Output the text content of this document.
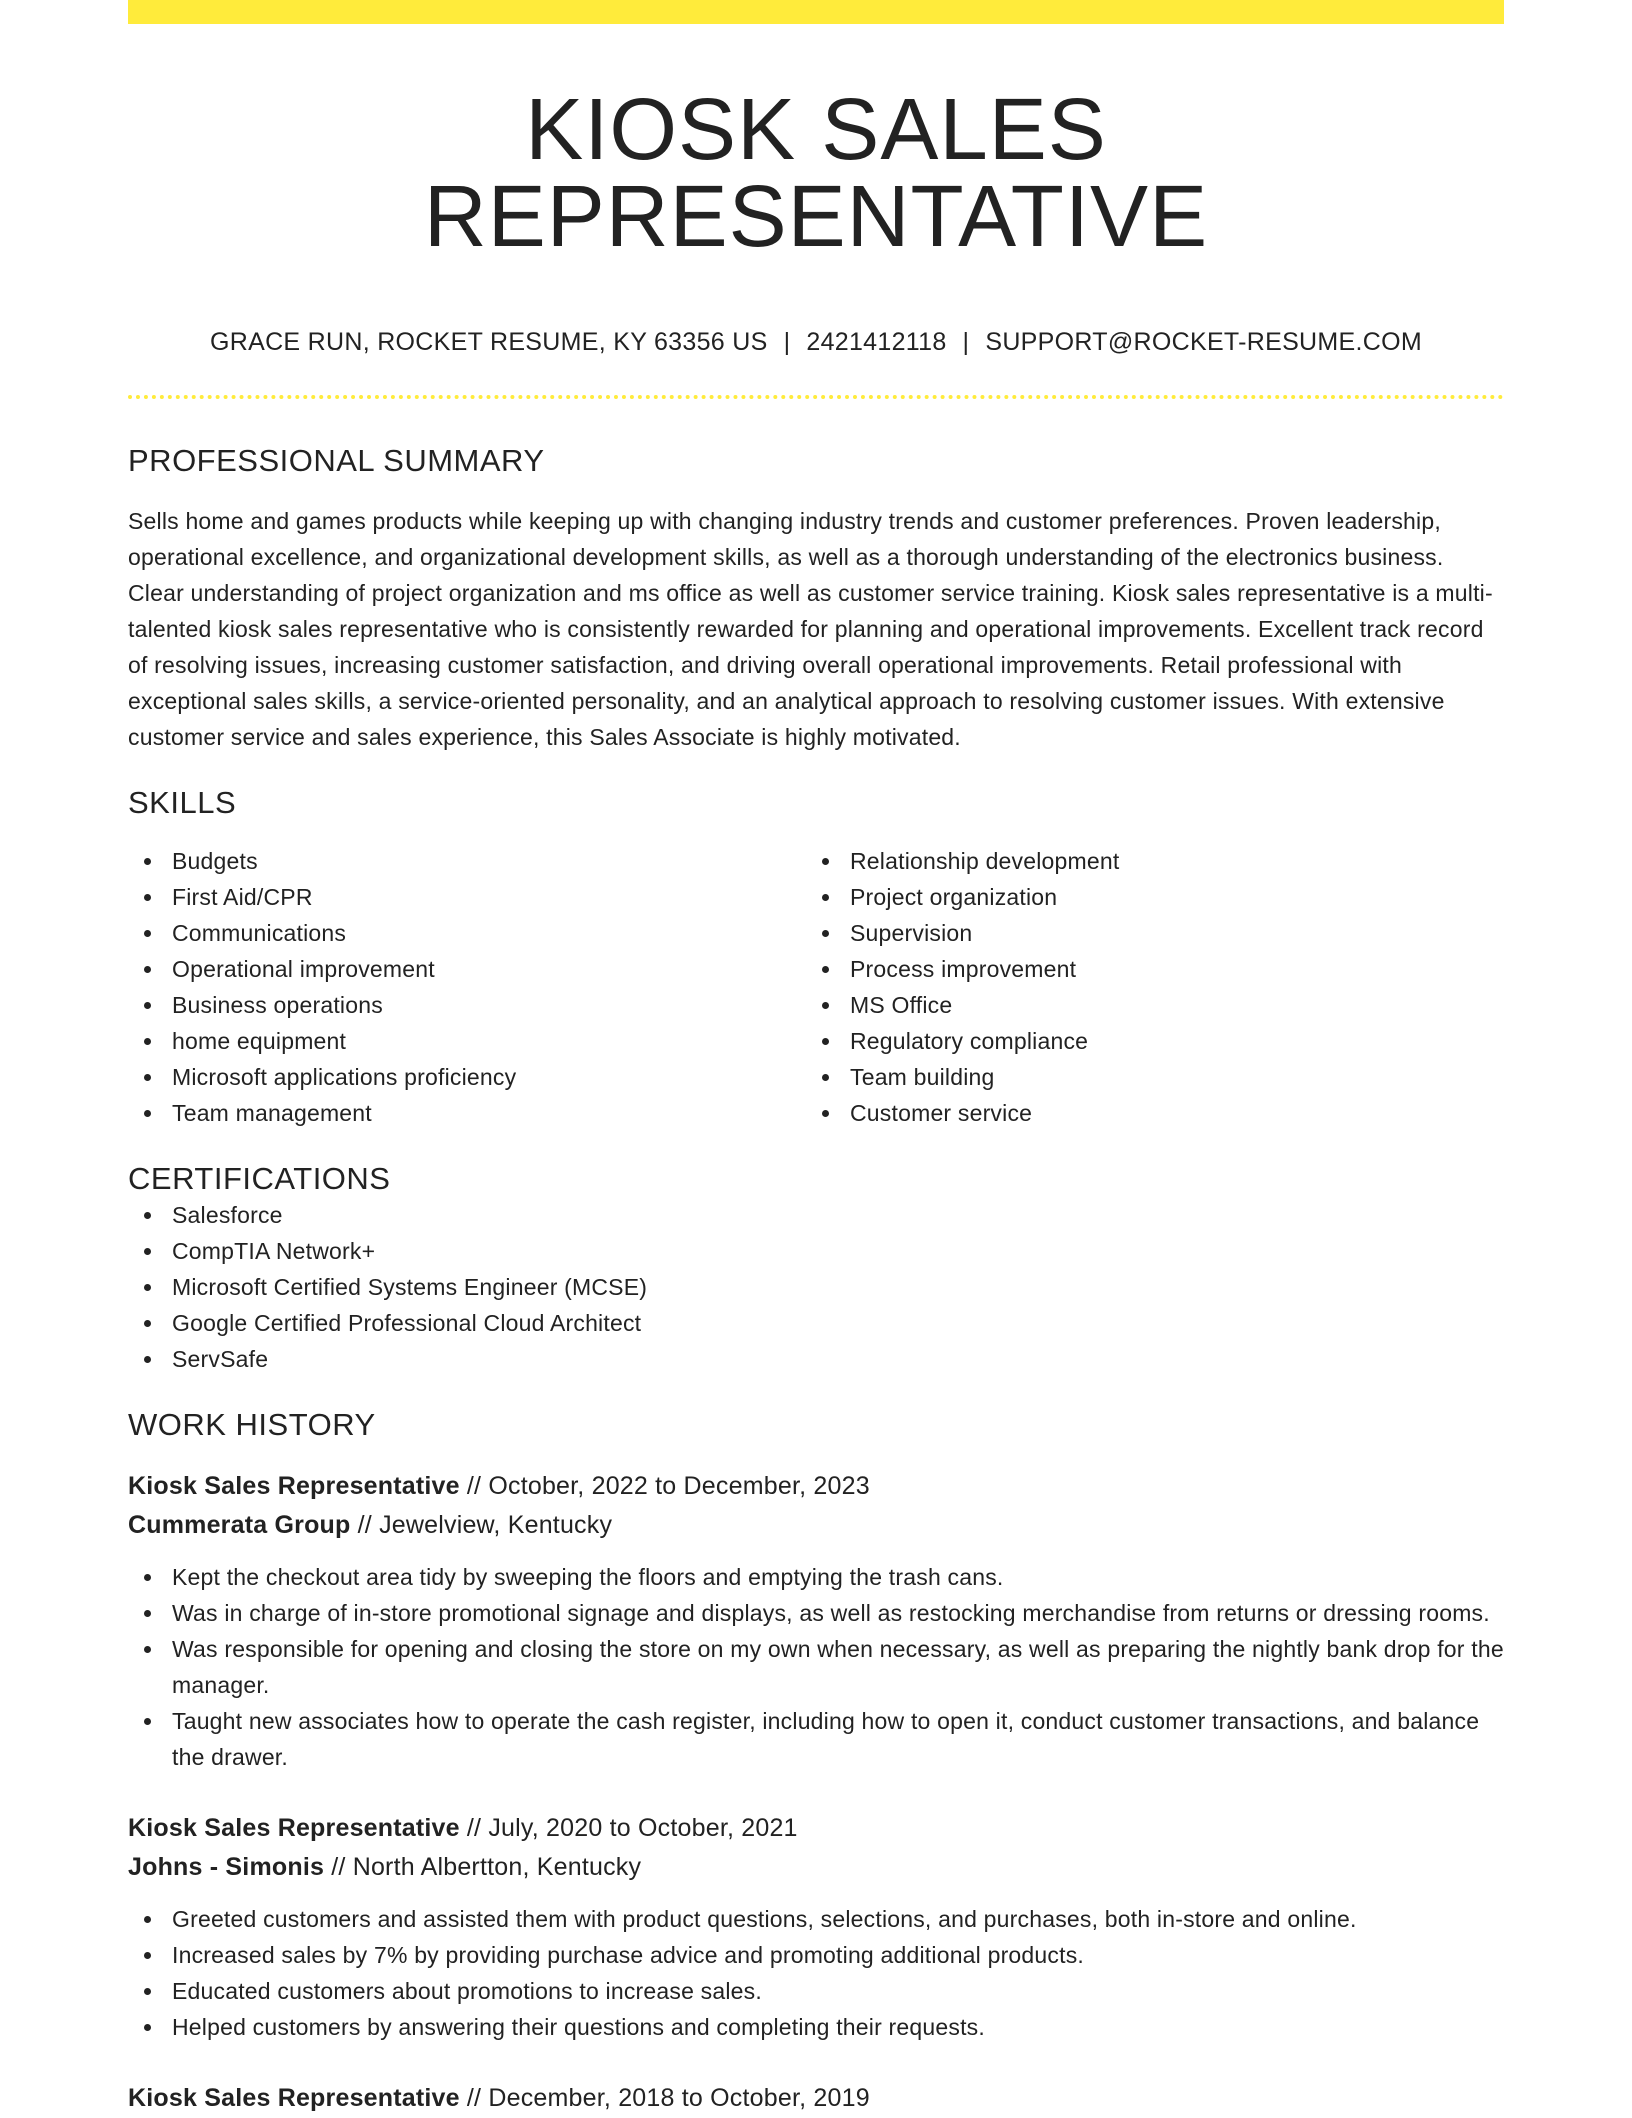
KIOSK SALES REPRESENTATIVE
GRACE RUN, ROCKET RESUME, KY 63356 US | 2421412118 | SUPPORT@ROCKET-RESUME.COM
PROFESSIONAL SUMMARY

Sells home and games products while keeping up with changing industry trends and customer preferences. Proven leadership, operational excellence, and organizational development skills, as well as a thorough understanding of the electronics business. Clear understanding of project organization and ms office as well as customer service training. Kiosk sales representative is a multi-talented kiosk sales representative who is consistently rewarded for planning and operational improvements. Excellent track record of resolving issues, increasing customer satisfaction, and driving overall operational improvements. Retail professional with exceptional sales skills, a service-oriented personality, and an analytical approach to resolving customer issues. With extensive customer service and sales experience, this Sales Associate is highly motivated.

SKILLS
Budgets
First Aid/CPR
Communications
Operational improvement
Business operations
home equipment
Microsoft applications proficiency
Team management
Relationship development
Project organization
Supervision
Process improvement
MS Office
Regulatory compliance
Team building
Customer service
CERTIFICATIONS
Salesforce
CompTIA Network+
Microsoft Certified Systems Engineer (MCSE)
Google Certified Professional Cloud Architect
ServSafe
WORK HISTORY
Kiosk Sales Representative // October, 2022 to December, 2023
Cummerata Group // Jewelview, Kentucky
Kept the checkout area tidy by sweeping the floors and emptying the trash cans.
Was in charge of in-store promotional signage and displays, as well as restocking merchandise from returns or dressing rooms.
Was responsible for opening and closing the store on my own when necessary, as well as preparing the nightly bank drop for the manager.
Taught new associates how to operate the cash register, including how to open it, conduct customer transactions, and balance the drawer.
Kiosk Sales Representative // July, 2020 to October, 2021
Johns - Simonis // North Albertton, Kentucky
Greeted customers and assisted them with product questions, selections, and purchases, both in-store and online.
Increased sales by 7% by providing purchase advice and promoting additional products.
Educated customers about promotions to increase sales.
Helped customers by answering their questions and completing their requests.
Kiosk Sales Representative // December, 2018 to October, 2019
